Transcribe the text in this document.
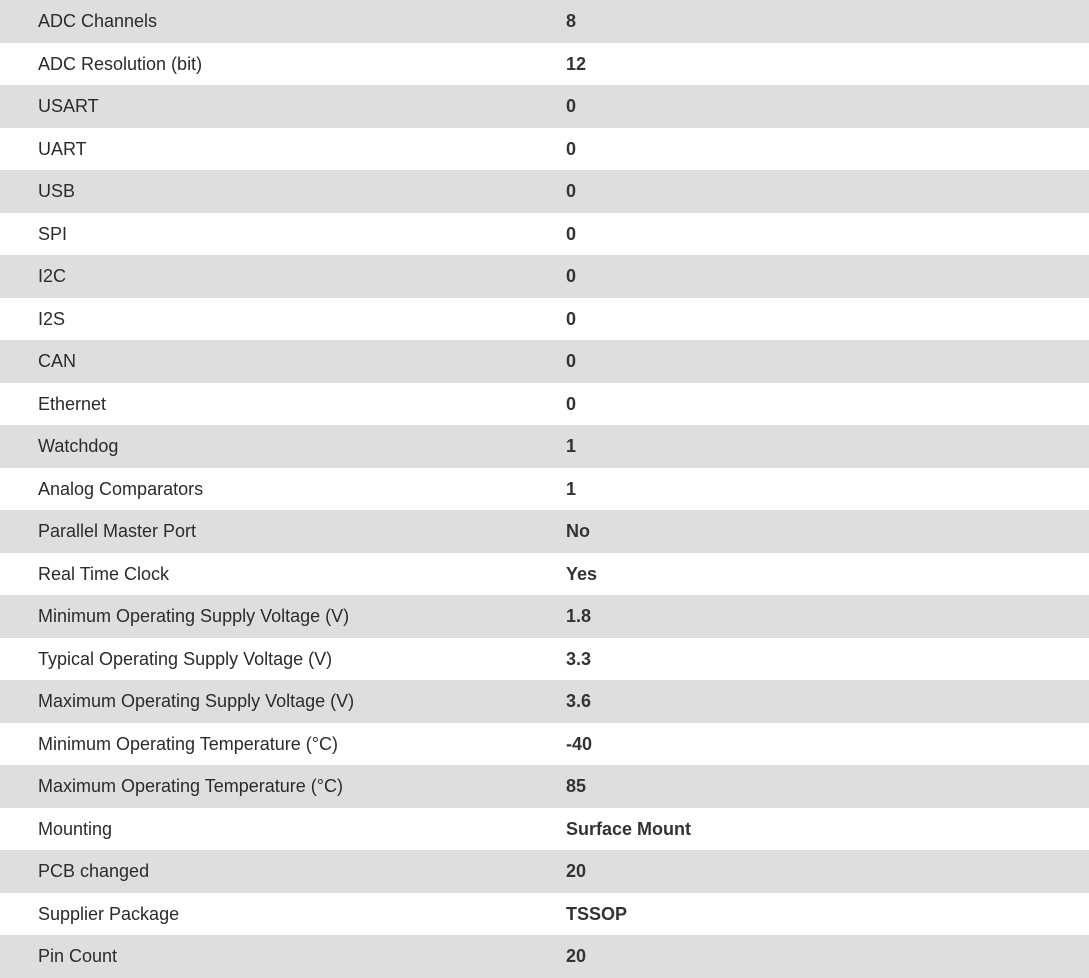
ADC Channels	8
ADC Resolution (bit)	12
USART	0
UART	0
USB	0
SPI	0
I2C	0
I2S	0
CAN	0
Ethernet	0
Watchdog	1
Analog Comparators	1
Parallel Master Port	No
Real Time Clock	Yes
Minimum Operating Supply Voltage (V)	1.8
Typical Operating Supply Voltage (V)	3.3
Maximum Operating Supply Voltage (V)	3.6
Minimum Operating Temperature (°C)	-40
Maximum Operating Temperature (°C)	85
Mounting	Surface Mount
PCB changed	20
Supplier Package	TSSOP
Pin Count	20
